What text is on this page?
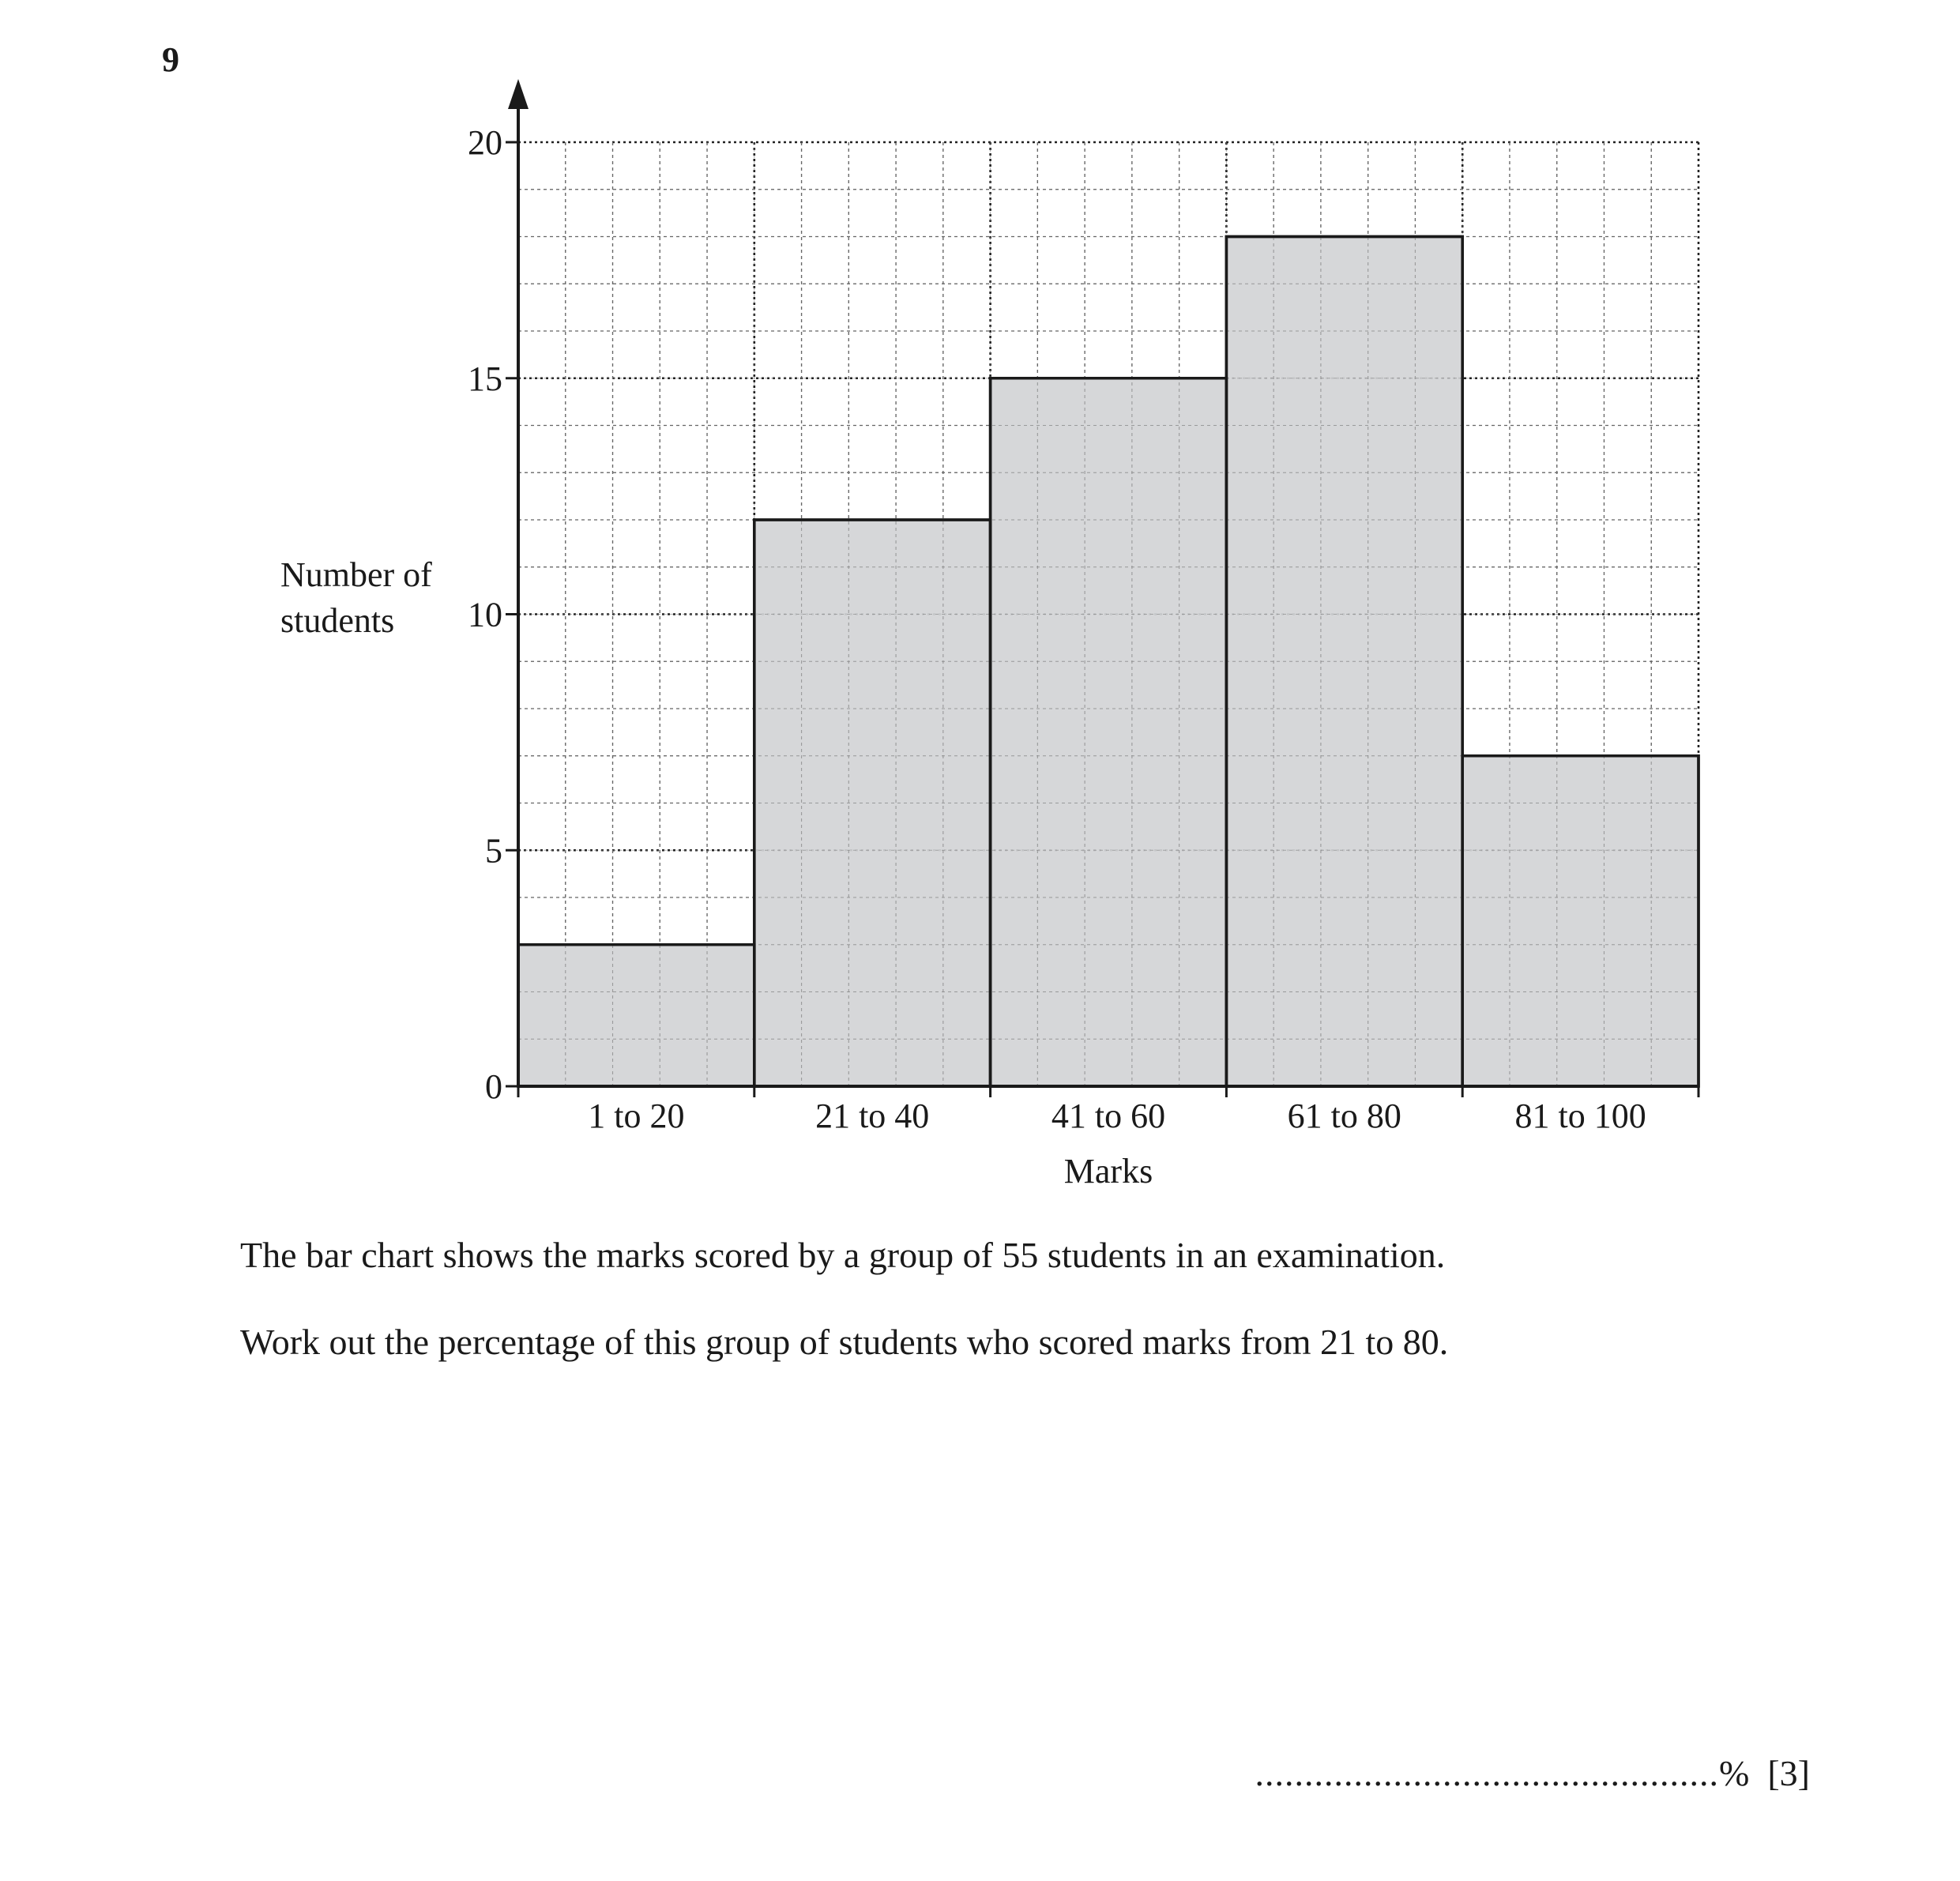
9
0
5
10
15
20
1 to 20	21 to 40	41 to 60	61 to 80	81 to 100
Marks
Number of
students
The bar chart shows the marks scored by a group of 55 students in an examination.
Work out the percentage of this group of students who scored marks from 21 to 80.
...............................................% [3]
